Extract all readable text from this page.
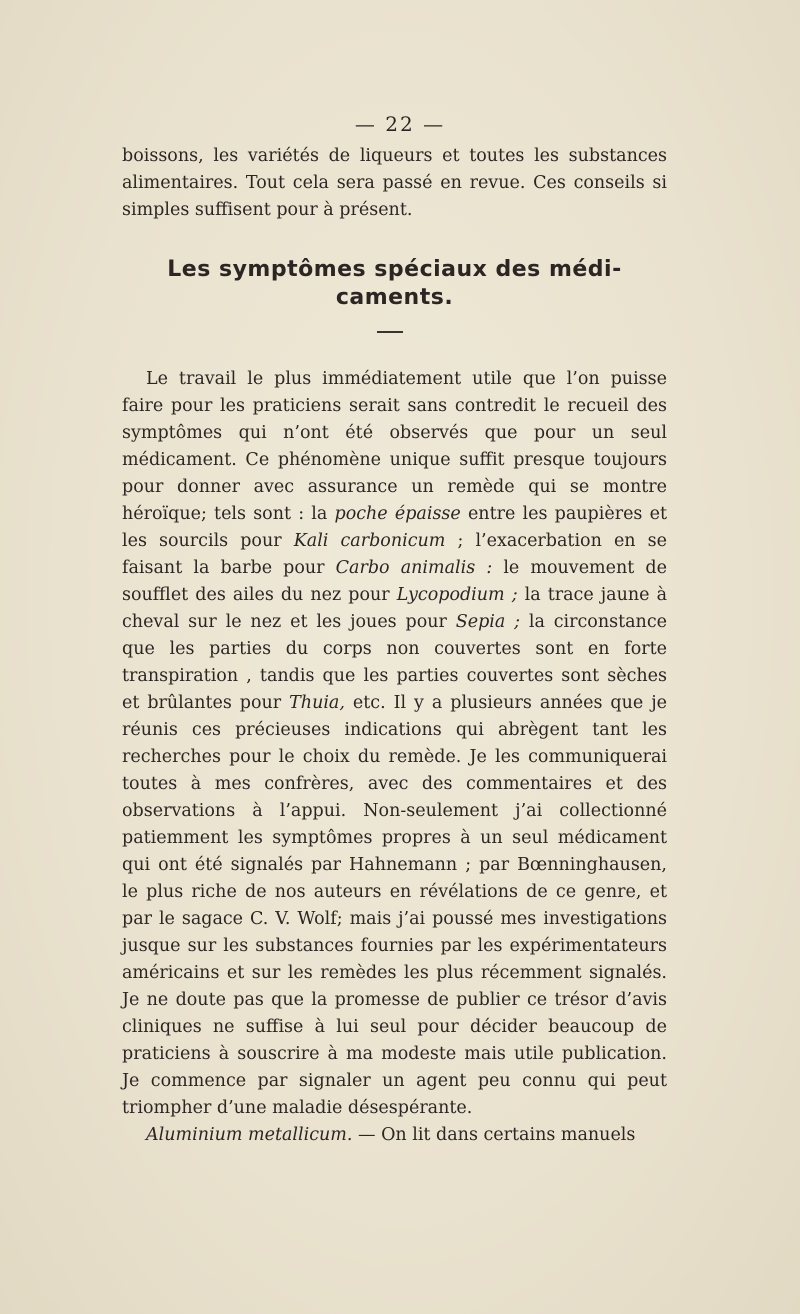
— 22 —

boissons, les variétés de liqueurs et toutes les substances alimentaires. Tout cela sera passé en revue. Ces conseils si simples suffisent pour à présent.

Les symptômes spéciaux des médi-
caments.

Le travail le plus immédiatement utile que l’on puisse faire pour les praticiens serait sans contredit le recueil des symptômes qui n’ont été observés que pour un seul médicament. Ce phénomène unique suffit presque toujours pour donner avec assurance un remède qui se montre héroïque; tels sont : la poche épaisse entre les paupières et les sourcils pour Kali carbonicum ; l’exacerbation en se faisant la barbe pour Carbo animalis : le mouvement de soufflet des ailes du nez pour Lycopodium ; la trace jaune à cheval sur le nez et les joues pour Sepia ; la circonstance que les parties du corps non couvertes sont en forte transpiration , tandis que les parties couvertes sont sèches et brûlantes pour Thuia, etc. Il y a plusieurs années que je réunis ces précieuses indications qui abrègent tant les recherches pour le choix du remède. Je les communiquerai toutes à mes confrères, avec des commentaires et des observations à l’appui. Non-seulement j’ai collectionné patiemment les symptômes propres à un seul médicament qui ont été signalés par Hahnemann ; par Bœnninghausen, le plus riche de nos auteurs en révélations de ce genre, et par le sagace C. V. Wolf; mais j’ai poussé mes investigations jusque sur les substances fournies par les expérimentateurs américains et sur les remèdes les plus récemment signalés. Je ne doute pas que la promesse de publier ce trésor d’avis cliniques ne suffise à lui seul pour décider beaucoup de praticiens à souscrire à ma modeste mais utile publication. Je commence par signaler un agent peu connu qui peut triompher d’une maladie désespérante.

Aluminium metallicum. — On lit dans certains manuels
